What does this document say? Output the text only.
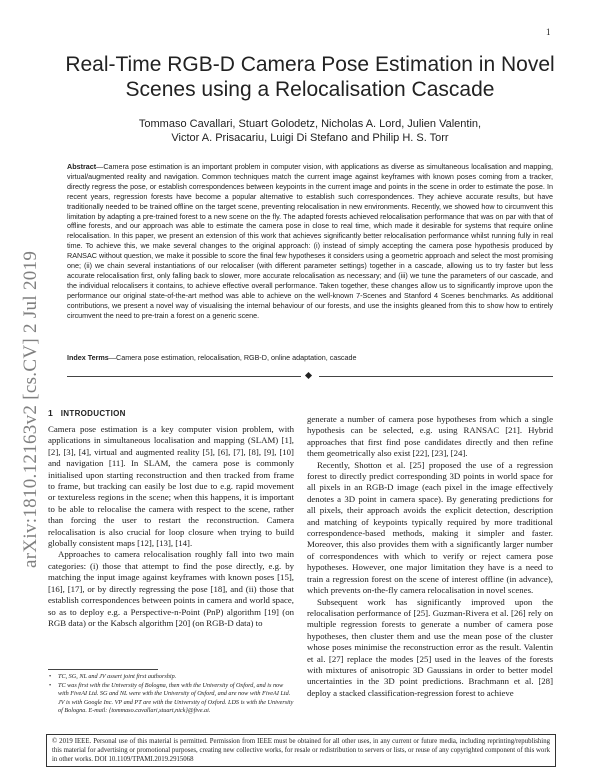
1
arXiv:1810.12163v2 [cs.CV] 2 Jul 2019
Real-Time RGB-D Camera Pose Estimation in Novel Scenes using a Relocalisation Cascade
Tommaso Cavallari, Stuart Golodetz, Nicholas A. Lord, Julien Valentin,
Victor A. Prisacariu, Luigi Di Stefano and Philip H. S. Torr
Abstract—Camera pose estimation is an important problem in computer vision, with applications as diverse as simultaneous localisation and mapping, virtual/augmented reality and navigation. Common techniques match the current image against keyframes with known poses coming from a tracker, directly regress the pose, or establish correspondences between keypoints in the current image and points in the scene in order to estimate the pose. In recent years, regression forests have become a popular alternative to establish such correspondences. They achieve accurate results, but have traditionally needed to be trained offline on the target scene, preventing relocalisation in new environments. Recently, we showed how to circumvent this limitation by adapting a pre-trained forest to a new scene on the fly. The adapted forests achieved relocalisation performance that was on par with that of offline forests, and our approach was able to estimate the camera pose in close to real time, which made it desirable for systems that require online relocalisation. In this paper, we present an extension of this work that achieves significantly better relocalisation performance whilst running fully in real time. To achieve this, we make several changes to the original approach: (i) instead of simply accepting the camera pose hypothesis produced by RANSAC without question, we make it possible to score the final few hypotheses it considers using a geometric approach and select the most promising one; (ii) we chain several instantiations of our relocaliser (with different parameter settings) together in a cascade, allowing us to try faster but less accurate relocalisation first, only falling back to slower, more accurate relocalisation as necessary; and (iii) we tune the parameters of our cascade, and the individual relocalisers it contains, to achieve effective overall performance. Taken together, these changes allow us to significantly improve upon the performance our original state-of-the-art method was able to achieve on the well-known 7-Scenes and Stanford 4 Scenes benchmarks. As additional contributions, we present a novel way of visualising the internal behaviour of our forests, and use the insights gleaned from this to show how to entirely circumvent the need to pre-train a forest on a generic scene.
Index Terms—Camera pose estimation, relocalisation, RGB-D, online adaptation, cascade
1 INTRODUCTION

Camera pose estimation is a key computer vision problem, with applications in simultaneous localisation and mapping (SLAM) [1], [2], [3], [4], virtual and augmented reality [5], [6], [7], [8], [9], [10] and navigation [11]. In SLAM, the camera pose is commonly initialised upon starting reconstruction and then tracked from frame to frame, but tracking can easily be lost due to e.g. rapid movement or textureless regions in the scene; when this happens, it is important to be able to relocalise the camera with respect to the scene, rather than forcing the user to restart the reconstruction. Camera relocalisation is also crucial for loop closure when trying to build globally consistent maps [12], [13], [14].

Approaches to camera relocalisation roughly fall into two main categories: (i) those that attempt to find the pose directly, e.g. by matching the input image against keyframes with known poses [15], [16], [17], or by directly regressing the pose [18], and (ii) those that establish correspondences between points in camera and world space, so as to deploy e.g. a Perspective-n-Point (PnP) algorithm [19] (on RGB data) or the Kabsch algorithm [20] (on RGB-D data) to

• TC, SG, NL and JV assert joint first authorship.
• TC was first with the University of Bologna, then with the University of Oxford, and is now with FiveAI Ltd. SG and NL were with the University of Oxford, and are now with FiveAI Ltd. JV is with Google Inc. VP and PT are with the University of Oxford. LDS is with the University of Bologna. E-mail: {tommaso.cavallari,stuart,nick}@five.ai.

generate a number of camera pose hypotheses from which a single hypothesis can be selected, e.g. using RANSAC [21]. Hybrid approaches that first find pose candidates directly and then refine them geometrically also exist [22], [23], [24].

Recently, Shotton et al. [25] proposed the use of a regression forest to directly predict corresponding 3D points in world space for all pixels in an RGB-D image (each pixel in the image effectively denotes a 3D point in camera space). By generating predictions for all pixels, their approach avoids the explicit detection, description and matching of keypoints typically required by more traditional correspondence-based methods, making it simpler and faster. Moreover, this also provides them with a significantly larger number of correspondences with which to verify or reject camera pose hypotheses. However, one major limitation they have is a need to train a regression forest on the scene of interest offline (in advance), which prevents on-the-fly camera relocalisation in novel scenes.

Subsequent work has significantly improved upon the relocalisation performance of [25]. Guzman-Rivera et al. [26] rely on multiple regression forests to generate a number of camera pose hypotheses, then cluster them and use the mean pose of the cluster whose poses minimise the reconstruction error as the result. Valentin et al. [27] replace the modes [25] used in the leaves of the forests with mixtures of anisotropic 3D Gaussians in order to better model uncertainties in the 3D point predictions. Brachmann et al. [28] deploy a stacked classification-regression forest to achieve

© 2019 IEEE. Personal use of this material is permitted. Permission from IEEE must be obtained for all other uses, in any current or future media, including reprinting/republishing this material for advertising or promotional purposes, creating new collective works, for resale or redistribution to servers or lists, or reuse of any copyrighted component of this work in other works. DOI 10.1109/TPAMI.2019.2915068
